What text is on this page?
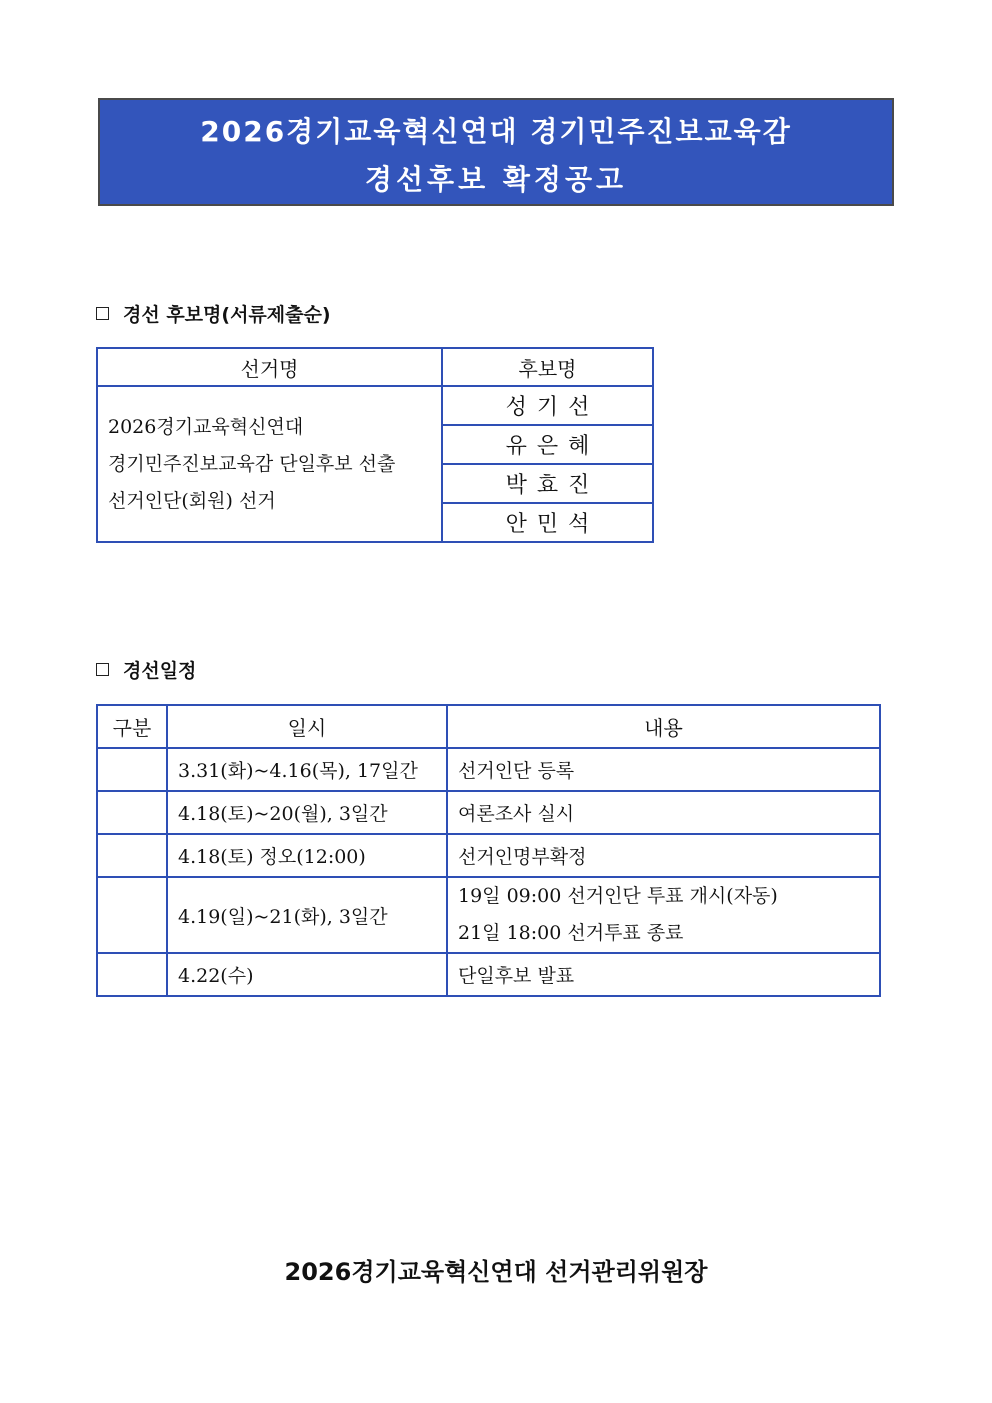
2026경기교육혁신연대 경기민주진보교육감
경선후보 확정공고
경선 후보명(서류제출순)
선거명	후보명

2026경기교육혁신연대
경기민주진보교육감 단일후보 선출
선거인단(회원) 선거	성기선
	유은혜
	박효진
	안민석
경선일정
구분	일시	내용
	3.31(화)~4.16(목), 17일간	선거인단 등록
	4.18(토)~20(월), 3일간	여론조사 실시
	4.18(토) 정오(12:00)	선거인명부확정
	4.19(일)~21(화), 3일간	19일 09:00 선거인단 투표 개시(자동)
21일 18:00 선거투표 종료

	4.22(수)	단일후보 발표
2026경기교육혁신연대 선거관리위원장
